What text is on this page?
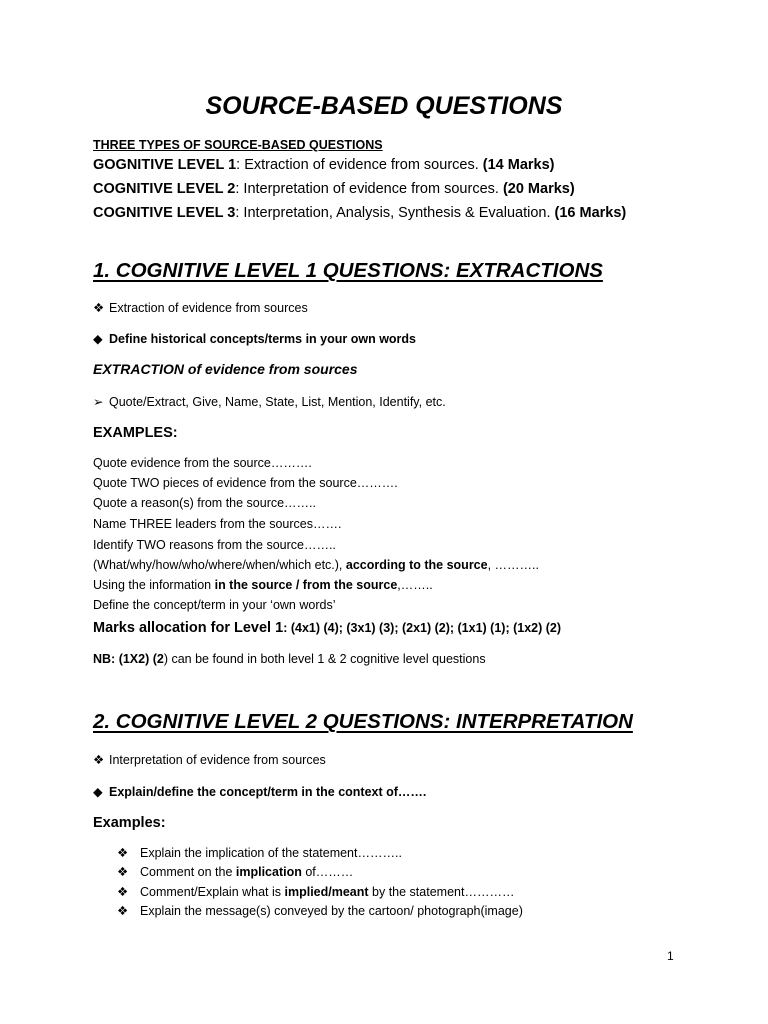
SOURCE-BASED QUESTIONS
THREE TYPES OF SOURCE-BASED QUESTIONS
GOGNITIVE LEVEL 1: Extraction of evidence from sources. (14 Marks)
COGNITIVE LEVEL 2: Interpretation of evidence from sources. (20 Marks)
COGNITIVE LEVEL 3: Interpretation, Analysis, Synthesis & Evaluation. (16 Marks)
1. COGNITIVE LEVEL 1 QUESTIONS: EXTRACTIONS
❖ Extraction of evidence from sources
◆ Define historical concepts/terms in your own words
EXTRACTION of evidence from sources
➢ Quote/Extract, Give, Name, State, List, Mention, Identify, etc.
EXAMPLES:
Quote evidence from the source……….
Quote TWO pieces of evidence from the source……….
Quote a reason(s) from the source……..
Name THREE leaders from the sources…….
Identify TWO reasons from the source……..
(What/why/how/who/where/when/which etc.), according to the source, ………..
Using the information in the source / from the source,……..
Define the concept/term in your ‘own words’
Marks allocation for Level 1: (4x1) (4); (3x1) (3); (2x1) (2); (1x1) (1); (1x2) (2)
NB: (1X2) (2) can be found in both level 1 & 2 cognitive level questions
2. COGNITIVE LEVEL 2 QUESTIONS: INTERPRETATION
❖ Interpretation of evidence from sources
◆ Explain/define the concept/term in the context of…….
Examples:
❖ Explain the implication of the statement………..
❖ Comment on the implication of………
❖ Comment/Explain what is implied/meant by the statement…………
❖ Explain the message(s) conveyed by the cartoon/ photograph(image)
1
